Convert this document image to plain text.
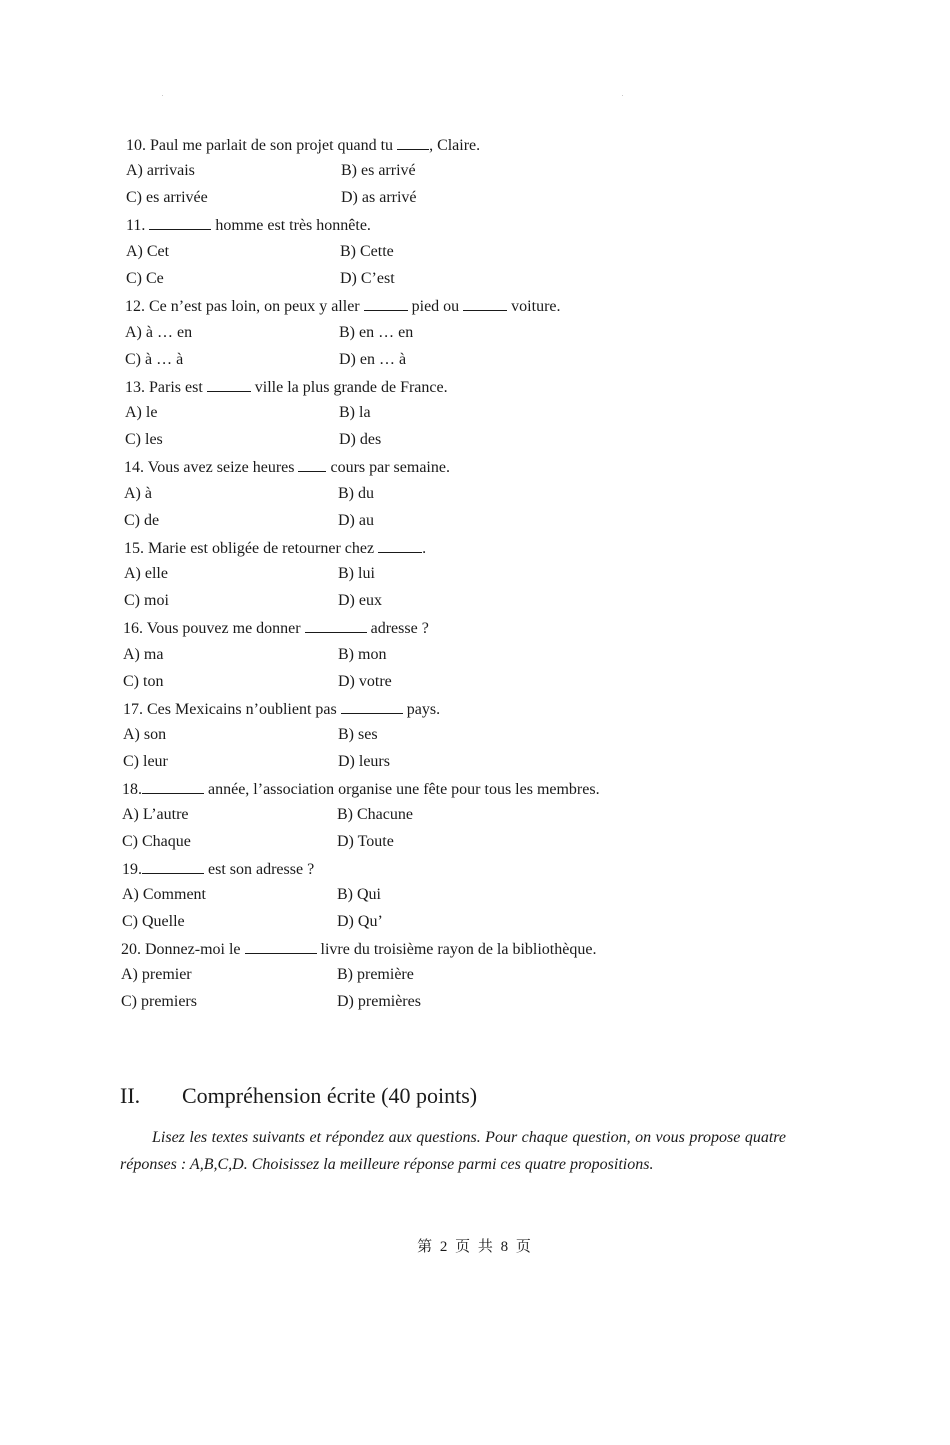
10. Paul me parlait de son projet quand tu , Claire.
A) arrivais	B) es arrivé
C) es arrivée	D) as arrivé
11.	homme est très honnête.
A) Cet	B) Cette
C) Ce	D) C’est
12. Ce n’est pas loin, on peux y aller	pied ou	voiture.
A) à … en	B) en … en
C) à … à	D) en … à
13. Paris est	ville la plus grande de France.
A) le	B) la
C) les	D) des
14. Vous avez seize heures  cours par semaine.
A) à	B) du
C) de	D) au
15. Marie est obligée de retourner chez	.
A) elle	B) lui
C) moi	D) eux
16. Vous pouvez me donner	adresse ?
A) ma	B) mon
C) ton	D) votre
17. Ces Mexicains n’oublient pas	pays.
A) son	B) ses
C) leur	D) leurs
18.	année, l’association organise une fête pour tous les membres.
A) L’autre	B) Chacune
C) Chaque	D) Toute
19.	est son adresse ?
A) Comment	B) Qui
C) Quelle	D) Qu’
20. Donnez-moi le	livre du troisième rayon de la bibliothèque.
A) premier	B) première
C) premiers	D) premières
II. Compréhension écrite (40 points)
Lisez les textes suivants et répondez aux questions. Pour chaque question, on vous propose quatre réponses : A,B,C,D. Choisissez la meilleure réponse parmi ces quatre propositions.
第 2 页 共 8 页
